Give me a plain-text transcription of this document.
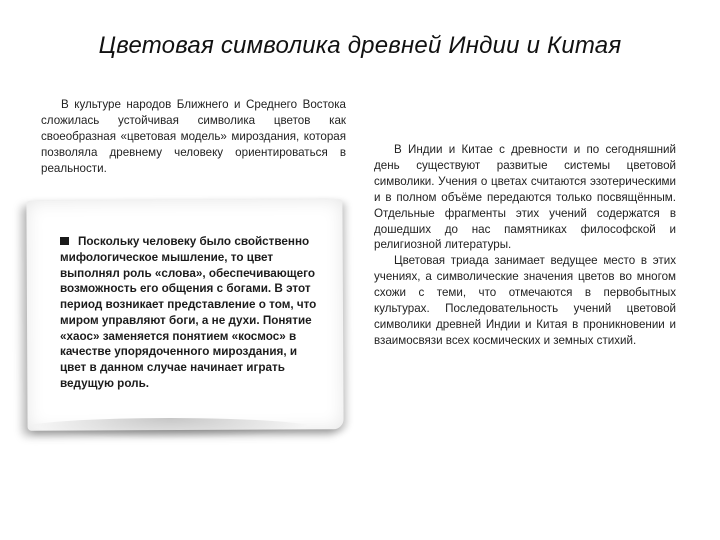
Цветовая символика древней Индии и Китая

В культуре народов Ближнего и Среднего Востока сложилась устойчивая символика цветов как своеобразная «цветовая модель» мироздания, которая позволяла древнему человеку ориентироваться в реальности.

Поскольку человеку было свойственно мифологическое мышление, то цвет выполнял роль «слова», обеспечивающего возможность его общения с богами. В этот период возникает представление о том, что миром управляют боги, а не духи. Понятие «хаос» заменяется понятием «космос» в качестве упорядоченного мироздания, и цвет в данном случае начинает играть ведущую роль.

В Индии и Китае с древности и по сегодняшний день существуют развитые системы цветовой символики. Учения о цветах считаются эзотерическими и в полном объёме передаются только посвящённым. Отдельные фрагменты этих учений содержатся в дошедших до нас памятниках философской и религиозной литературы.

Цветовая триада занимает ведущее место в этих учениях, а символические значения цветов во многом схожи с теми, что отмечаются в первобытных культурах. Последовательность учений цветовой символики древней Индии и Китая в проникновении и взаимосвязи всех космических и земных стихий.
